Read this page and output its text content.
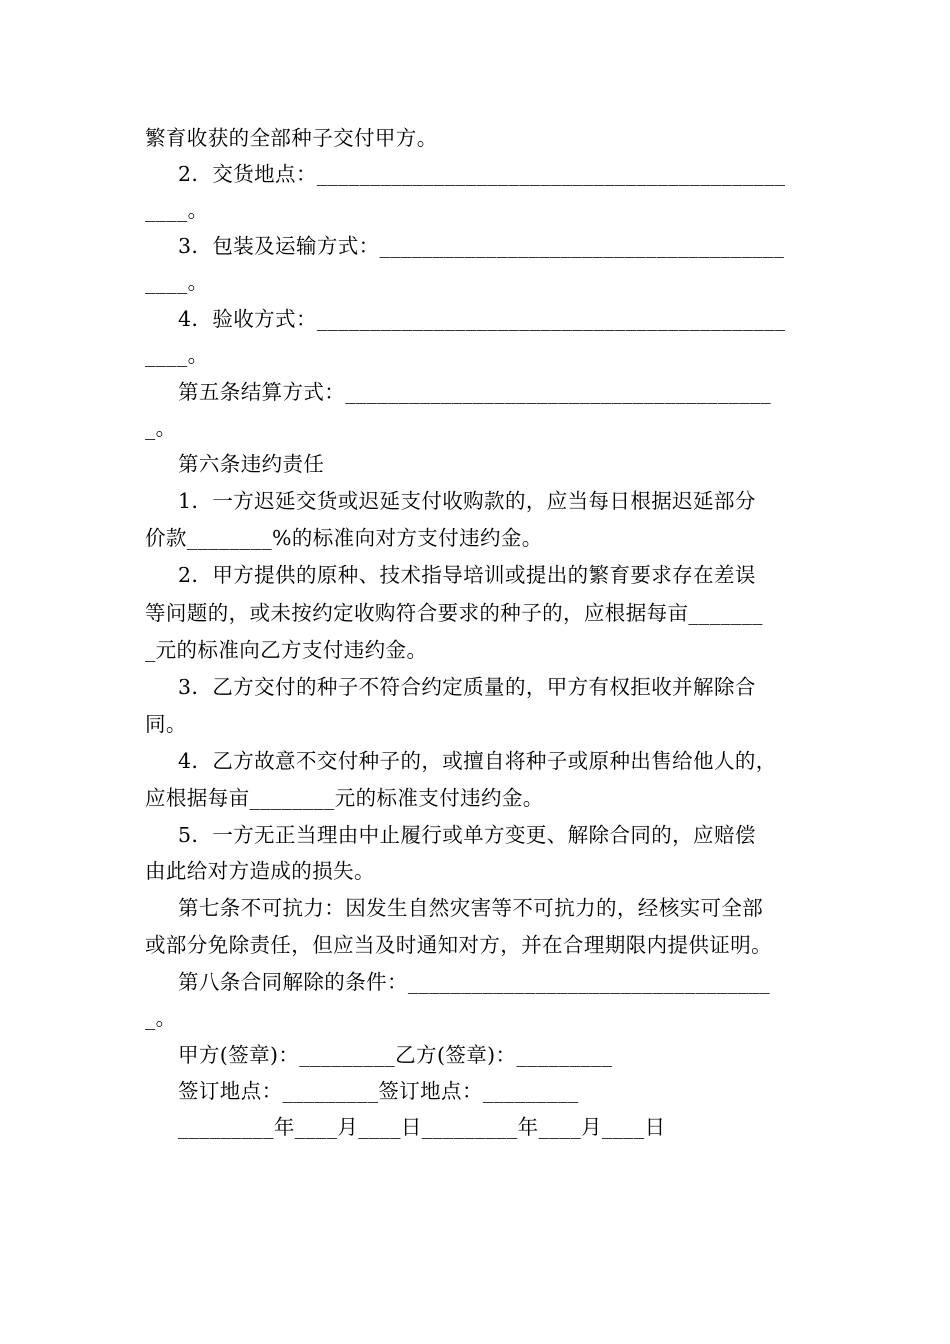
繁育收获的全部种子交付甲方。
2．交货地点：____________________________________________
____。
3．包装及运输方式：______________________________________
____。
4．验收方式：____________________________________________
____。
第五条结算方式：________________________________________
_。
第六条违约责任
1．一方迟延交货或迟延支付收购款的，应当每日根据迟延部分
价款________%的标准向对方支付违约金。
2．甲方提供的原种、技术指导培训或提出的繁育要求存在差误
等问题的，或未按约定收购符合要求的种子的，应根据每亩_______
_元的标准向乙方支付违约金。
3．乙方交付的种子不符合约定质量的，甲方有权拒收并解除合
同。
4．乙方故意不交付种子的，或擅自将种子或原种出售给他人的，
应根据每亩________元的标准支付违约金。
5．一方无正当理由中止履行或单方变更、解除合同的，应赔偿
由此给对方造成的损失。
第七条不可抗力：因发生自然灾害等不可抗力的，经核实可全部
或部分免除责任，但应当及时通知对方，并在合理期限内提供证明。
第八条合同解除的条件：__________________________________
_。
甲方(签章)：_________乙方(签章)：_________
签订地点：_________签订地点：_________
_________年____月____日_________年____月____日
